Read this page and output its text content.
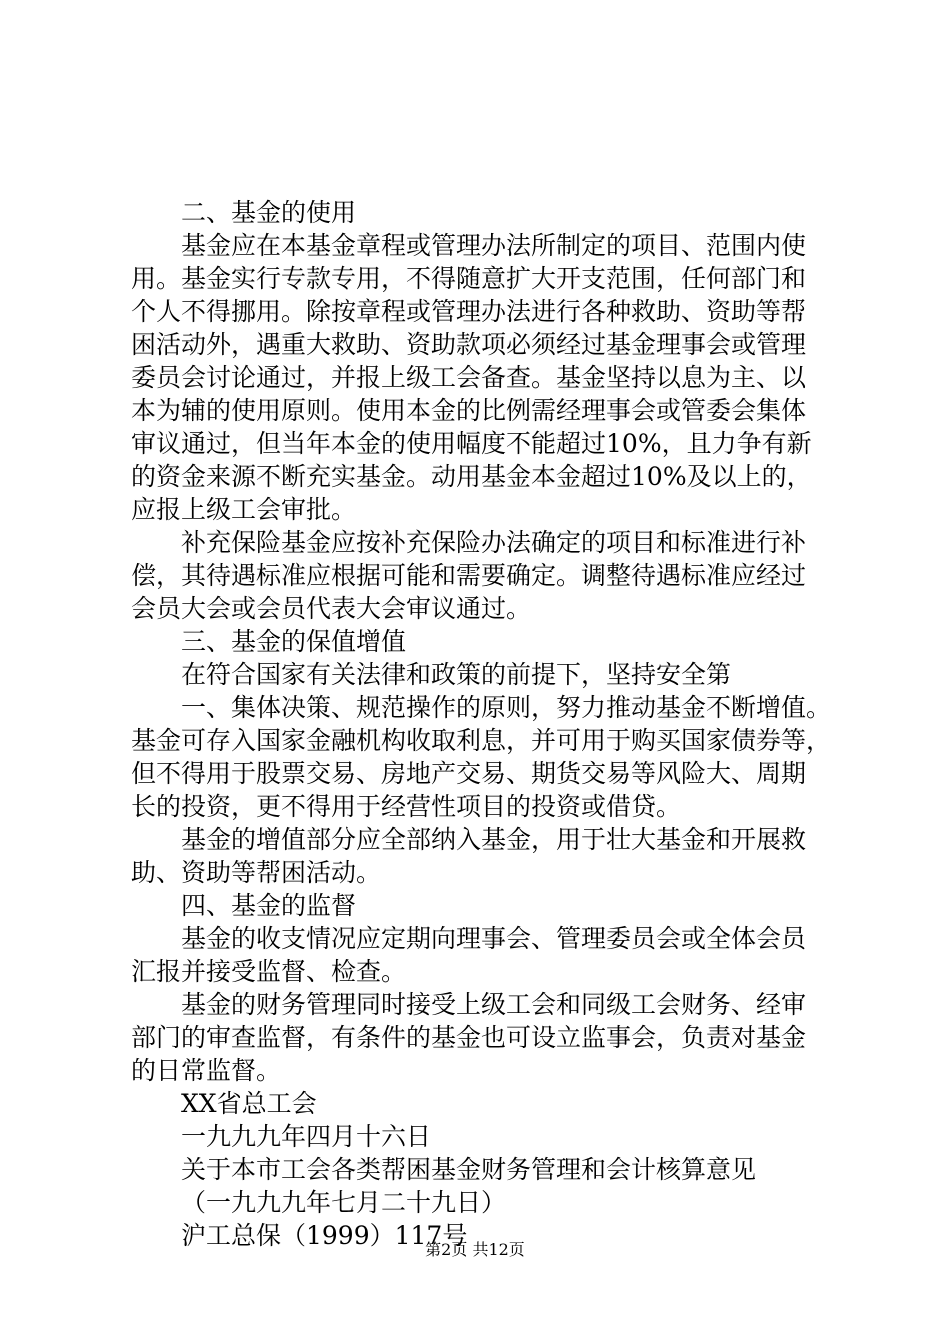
二、基金的使用
基金应在本基金章程或管理办法所制定的项目、范围内使
用。基金实行专款专用，不得随意扩大开支范围，任何部门和
个人不得挪用。除按章程或管理办法进行各种救助、资助等帮
困活动外，遇重大救助、资助款项必须经过基金理事会或管理
委员会讨论通过，并报上级工会备查。基金坚持以息为主、以
本为辅的使用原则。使用本金的比例需经理事会或管委会集体
审议通过，但当年本金的使用幅度不能超过10%，且力争有新
的资金来源不断充实基金。动用基金本金超过10%及以上的，
应报上级工会审批。
补充保险基金应按补充保险办法确定的项目和标准进行补
偿，其待遇标准应根据可能和需要确定。调整待遇标准应经过
会员大会或会员代表大会审议通过。
三、基金的保值增值
在符合国家有关法律和政策的前提下，坚持安全第
一、集体决策、规范操作的原则，努力推动基金不断增值。
基金可存入国家金融机构收取利息，并可用于购买国家债券等，
但不得用于股票交易、房地产交易、期货交易等风险大、周期
长的投资，更不得用于经营性项目的投资或借贷。
基金的增值部分应全部纳入基金，用于壮大基金和开展救
助、资助等帮困活动。
四、基金的监督
基金的收支情况应定期向理事会、管理委员会或全体会员
汇报并接受监督、检查。
基金的财务管理同时接受上级工会和同级工会财务、经审
部门的审查监督，有条件的基金也可设立监事会，负责对基金
的日常监督。
XX省总工会
一九九九年四月十六日
关于本市工会各类帮困基金财务管理和会计核算意见
（一九九九年七月二十九日）
沪工总保（1999）117号
第2页 共12页
